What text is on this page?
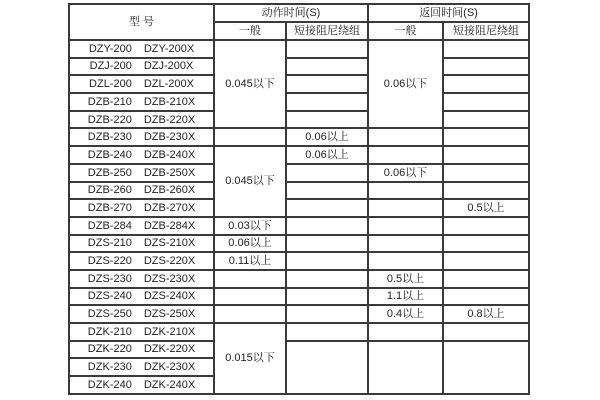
型 号	动作时间(S)		返回时间(S)	
	一般	短接阻尼绕组	一般	短接阻尼绕组

DZY-200 DZY-200X	0.045以下		0.06以下	

DZJ-200 DZJ-200X				

DZL-200 DZL-200X				

DZB-210 DZB-210X				

DZB-220 DZB-220X				

DZB-230 DZB-230X		0.06以上		

DZB-240 DZB-240X	0.045以下	0.06以上		

DZB-250 DZB-250X			0.06以下	

DZB-260 DZB-260X				

DZB-270 DZB-270X				0.5以上

DZB-284 DZB-284X	0.03以下			

DZS-210 DZS-210X	0.06以上			

DZS-220 DZS-220X	0.11以上			

DZS-230 DZS-230X			0.5以上	

DZS-240 DZS-240X			1.1以上	

DZS-250 DZS-250X			0.4以上	0.8以上

DZK-210 DZK-210X	0.015以下			

DZK-220 DZK-220X				

DZK-230 DZK-230X				

DZK-240 DZK-240X				
